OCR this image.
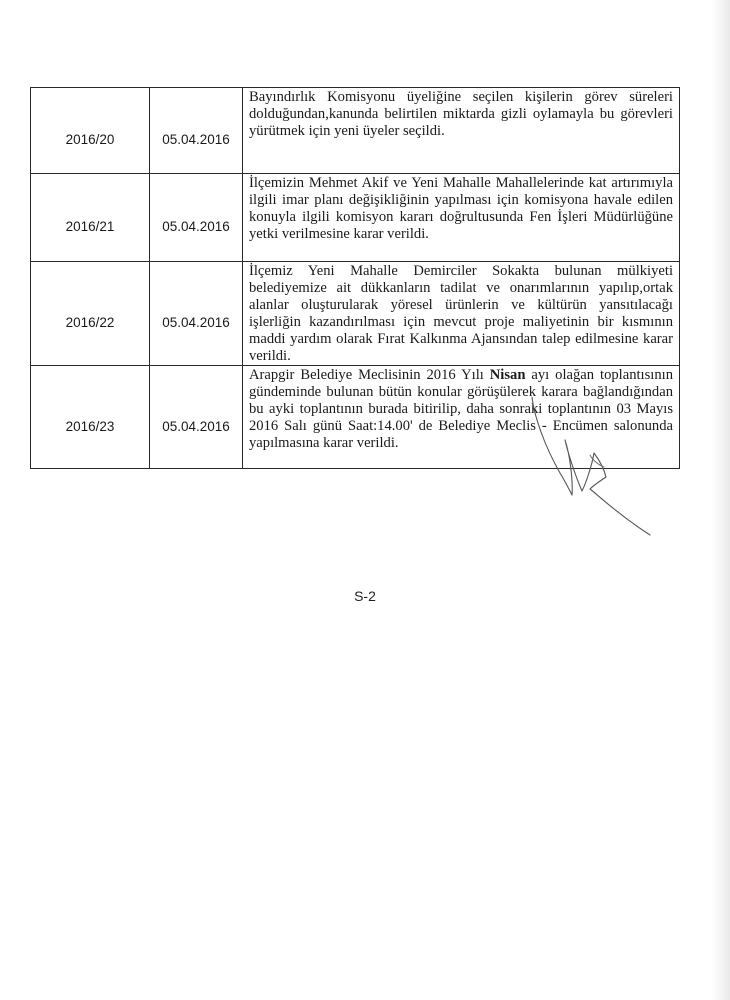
2016/20	05.04.2016	Bayındırlık Komisyonu üyeliğine seçilen kişilerin görev süreleri dolduğundan,kanunda belirtilen miktarda gizli oylamayla bu görevleri yürütmek için yeni üyeler seçildi.
2016/21	05.04.2016	İlçemizin Mehmet Akif ve Yeni Mahalle Mahallelerinde kat artırımıyla ilgili imar planı değişikliğinin yapılması için komisyona havale edilen konuyla ilgili komisyon kararı doğrultusunda Fen İşleri Müdürlüğüne yetki verilmesine karar verildi.
2016/22	05.04.2016	İlçemiz Yeni Mahalle Demirciler Sokakta bulunan mülkiyeti belediyemize ait dükkanların tadilat ve onarımlarının yapılıp,ortak alanlar oluşturularak yöresel ürünlerin ve kültürün yansıtılacağı işlerliğin kazandırılması için mevcut proje maliyetinin bir kısmının maddi yardım olarak Fırat Kalkınma Ajansından talep edilmesine karar verildi.
2016/23	05.04.2016	Arapgir Belediye Meclisinin 2016 Yılı Nisan ayı olağan toplantısının gündeminde bulunan bütün konular görüşülerek karara bağlandığından bu ayki toplantının burada bitirilip, daha sonraki toplantının 03 Mayıs 2016 Salı günü Saat:14.00' de Belediye Meclis - Encümen salonunda yapılmasına karar verildi.
S-2
